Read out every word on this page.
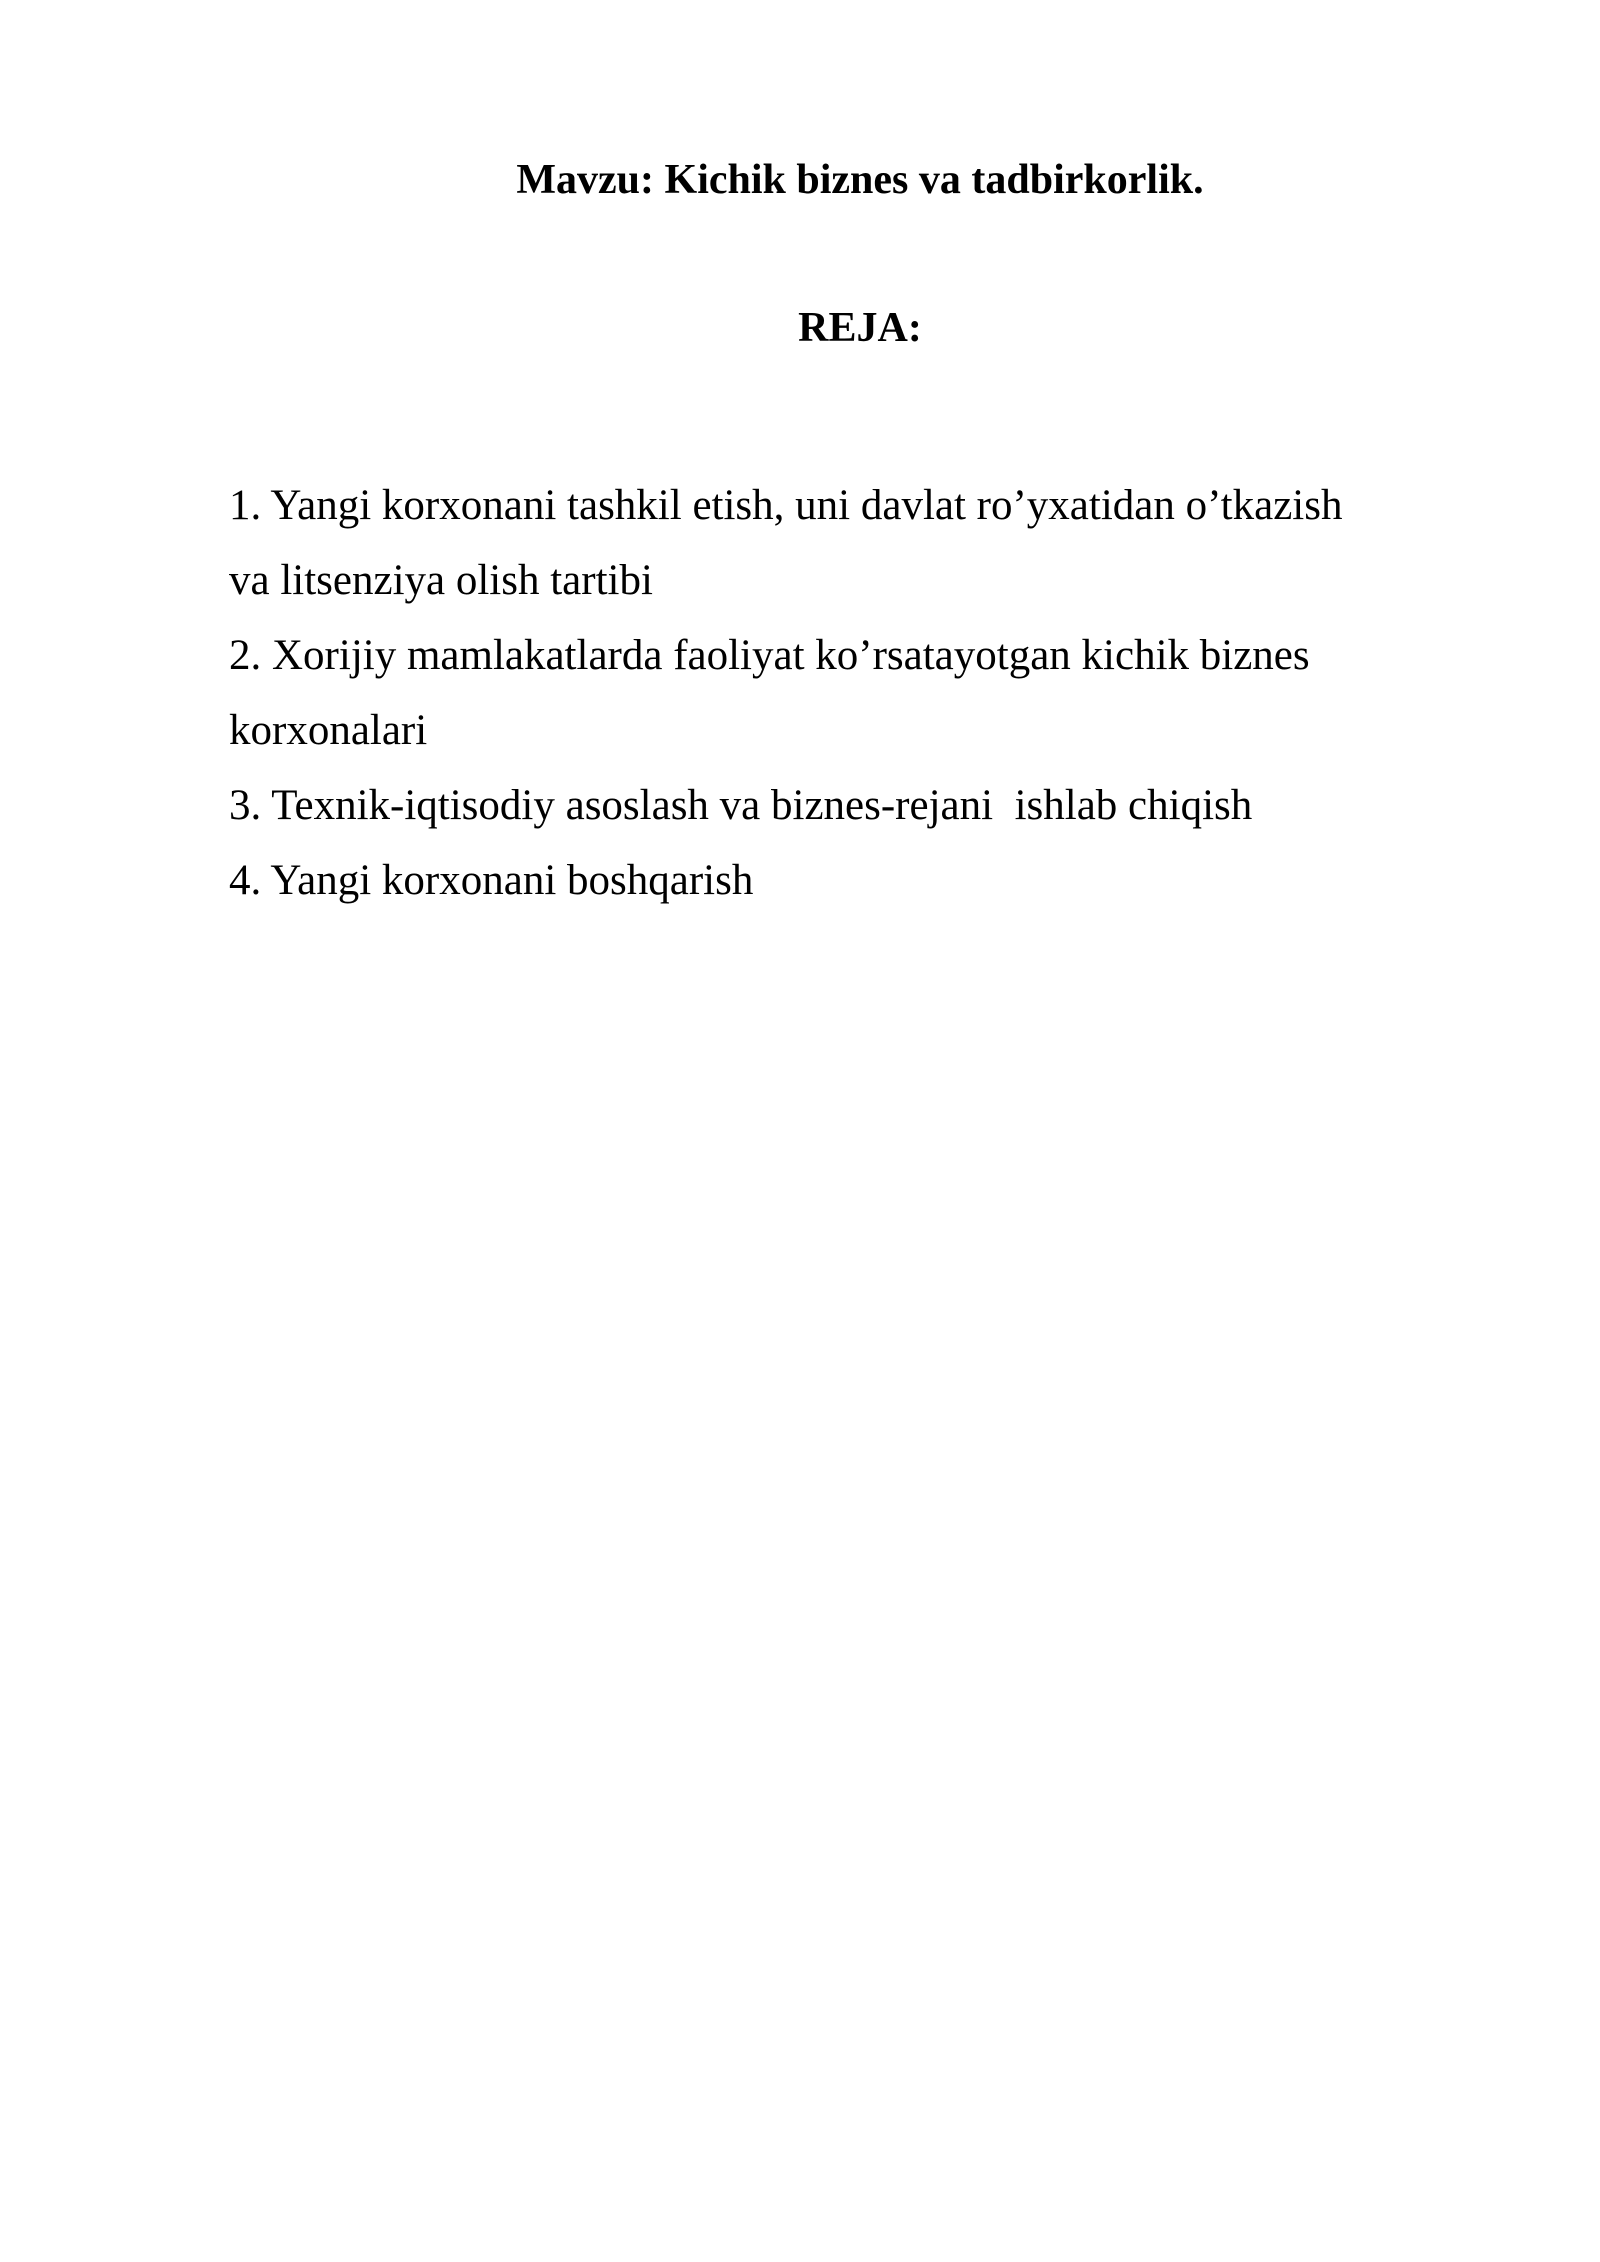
Mavzu: Kichik biznes va tadbirkorlik.
REJA:
1. Yangi korxonani tashkil etish, uni davlat ro’yxatidan o’tkazish va litsenziya olish tartibi
2. Xorijiy mamlakatlarda faoliyat ko’rsatayotgan kichik biznes korxonalari
3. Texnik-iqtisodiy asoslash va biznes-rejani  ishlab chiqish
4. Yangi korxonani boshqarish
